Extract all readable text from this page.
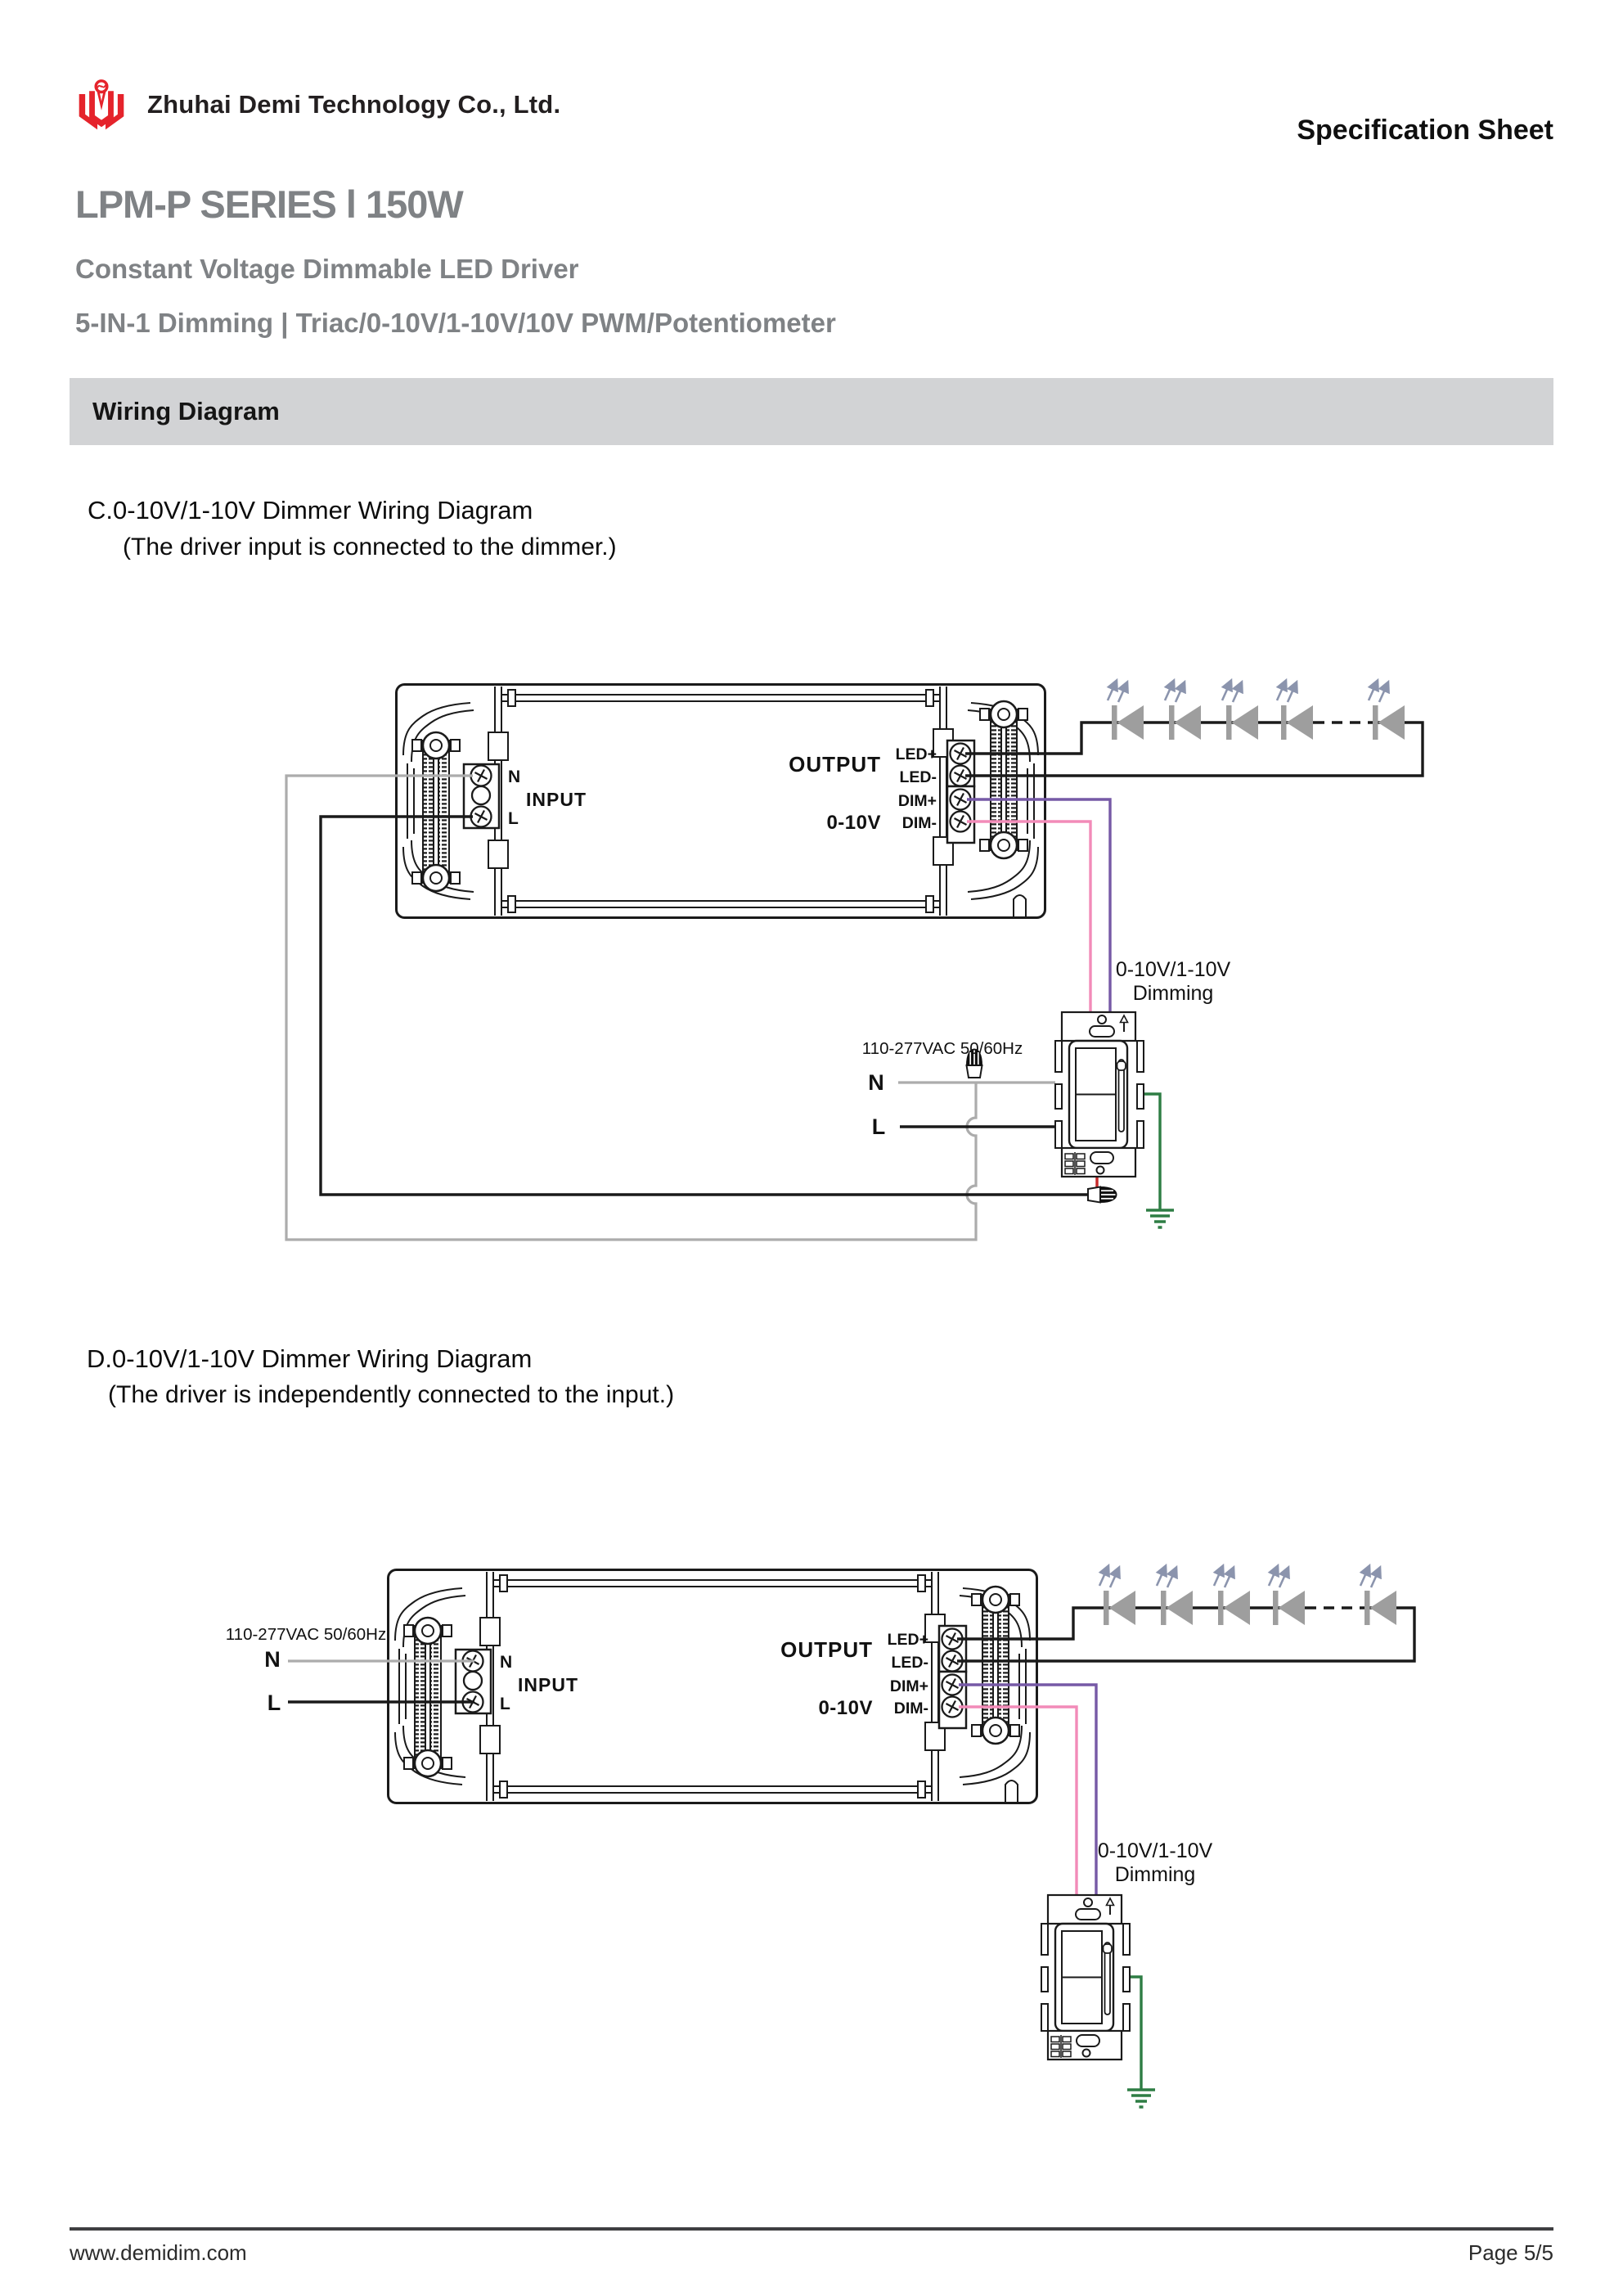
Zhuhai Demi Technology Co., Ltd.
Specification Sheet
LPM-P SERIES l 150W
Constant Voltage Dimmable LED Driver
5-IN-1 Dimming | Triac/0-10V/1-10V/10V PWM/Potentiometer
Wiring Diagram
C.0-10V/1-10V Dimmer Wiring Diagram
(The driver input is connected to the dimmer.)
D.0-10V/1-10V Dimmer Wiring Diagram
(The driver is independently connected to the input.)
N
INPUT
L
OUTPUT
0-10V
LED+
LED-
DIM+
DIM-
110-277VAC 50/60Hz
N
L
0-10V/1-10V
Dimming
N
INPUT
L
OUTPUT
0-10V
LED+
LED-
DIM+
DIM-
110-277VAC 50/60Hz
N
L
0-10V/1-10V
Dimming
www.demidim.com	Page 5/5
